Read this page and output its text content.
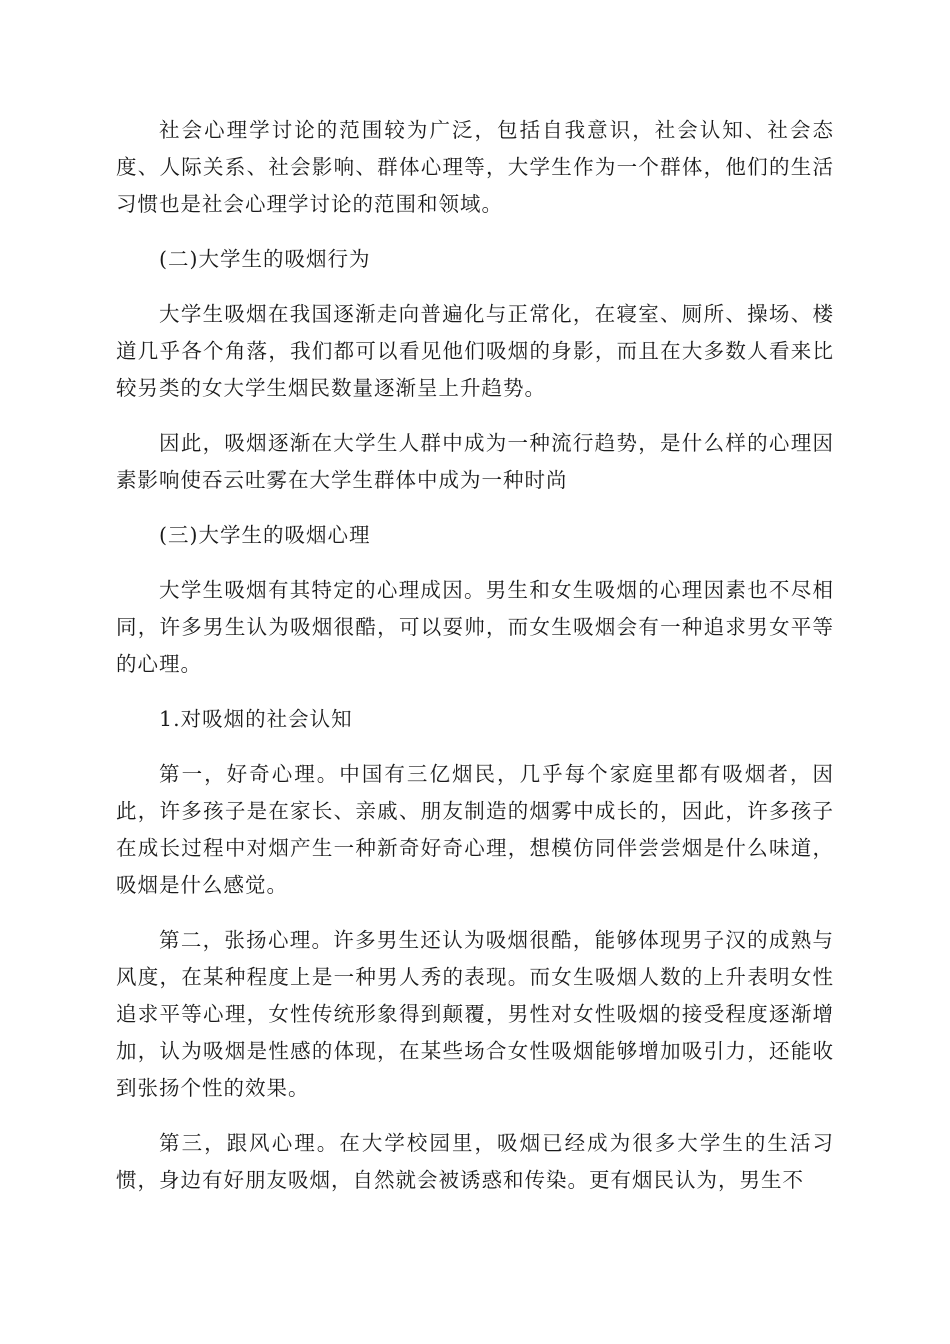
社会心理学讨论的范围较为广泛，包括自我意识，社会认知、社会态度、人际关系、社会影响、群体心理等，大学生作为一个群体，他们的生活习惯也是社会心理学讨论的范围和领域。

(二)大学生的吸烟行为

大学生吸烟在我国逐渐走向普遍化与正常化，在寝室、厕所、操场、楼道几乎各个角落，我们都可以看见他们吸烟的身影，而且在大多数人看来比较另类的女大学生烟民数量逐渐呈上升趋势。

因此，吸烟逐渐在大学生人群中成为一种流行趋势，是什么样的心理因素影响使吞云吐雾在大学生群体中成为一种时尚

(三)大学生的吸烟心理

大学生吸烟有其特定的心理成因。男生和女生吸烟的心理因素也不尽相同，许多男生认为吸烟很酷，可以耍帅，而女生吸烟会有一种追求男女平等的心理。

1.对吸烟的社会认知

第一，好奇心理。中国有三亿烟民，几乎每个家庭里都有吸烟者，因此，许多孩子是在家长、亲戚、朋友制造的烟雾中成长的，因此，许多孩子在成长过程中对烟产生一种新奇好奇心理，想模仿同伴尝尝烟是什么味道，吸烟是什么感觉。

第二，张扬心理。许多男生还认为吸烟很酷，能够体现男子汉的成熟与风度，在某种程度上是一种男人秀的表现。而女生吸烟人数的上升表明女性追求平等心理，女性传统形象得到颠覆，男性对女性吸烟的接受程度逐渐增加，认为吸烟是性感的体现，在某些场合女性吸烟能够增加吸引力，还能收到张扬个性的效果。

第三，跟风心理。在大学校园里，吸烟已经成为很多大学生的生活习惯，身边有好朋友吸烟，自然就会被诱惑和传染。更有烟民认为，男生不
